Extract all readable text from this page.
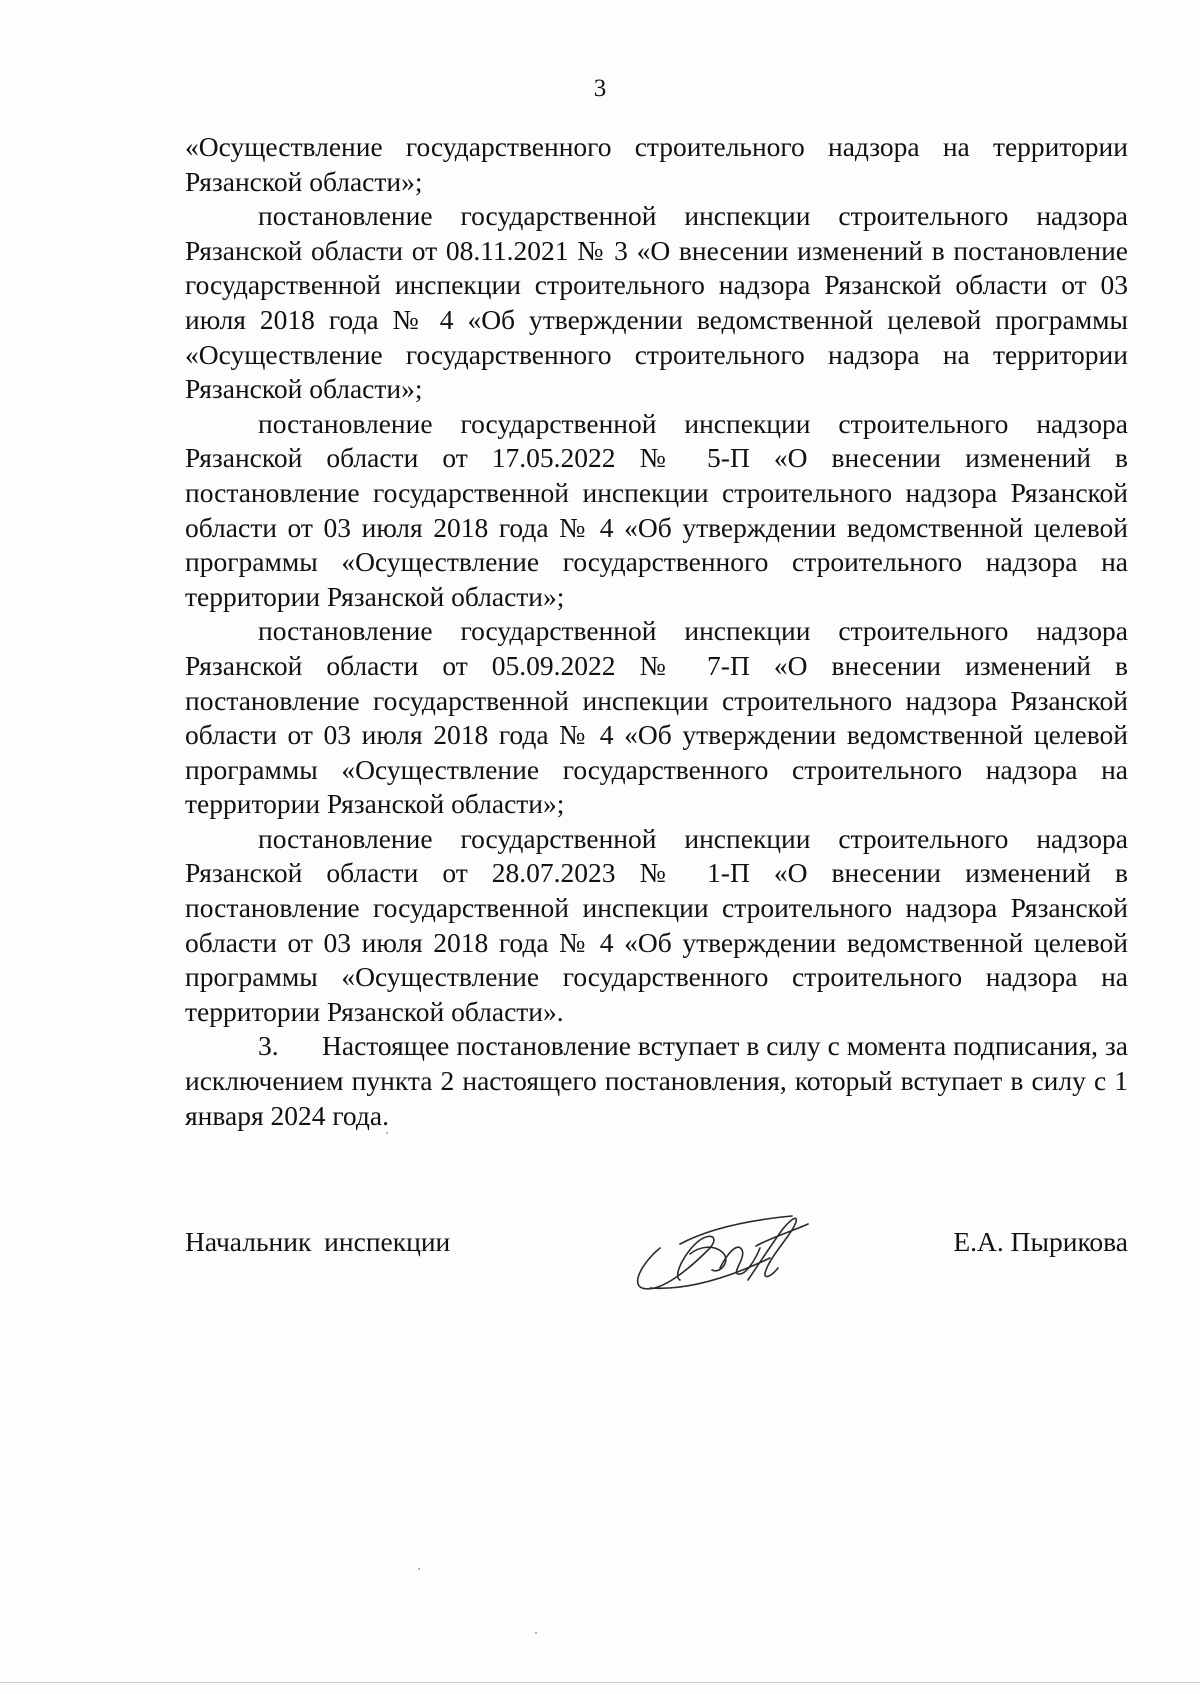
3

«Осуществление государственного строительного надзора на территории Рязанской области»;

постановление государственной инспекции строительного надзора Рязанской области от 08.11.2021 № 3 «О внесении изменений в постановление государственной инспекции строительного надзора Рязанской области от 03 июля 2018 года № 4 «Об утверждении ведомственной целевой программы «Осуществление государственного строительного надзора на территории Рязанской области»;

постановление государственной инспекции строительного надзора Рязанской области от 17.05.2022 № 5-П «О внесении изменений в постановление государственной инспекции строительного надзора Рязанской области от 03 июля 2018 года № 4 «Об утверждении ведомственной целевой программы «Осуществление государственного строительного надзора на территории Рязанской области»;

постановление государственной инспекции строительного надзора Рязанской области от 05.09.2022 № 7-П «О внесении изменений в постановление государственной инспекции строительного надзора Рязанской области от 03 июля 2018 года № 4 «Об утверждении ведомственной целевой программы «Осуществление государственного строительного надзора на территории Рязанской области»;

постановление государственной инспекции строительного надзора Рязанской области от 28.07.2023 № 1-П «О внесении изменений в постановление государственной инспекции строительного надзора Рязанской области от 03 июля 2018 года № 4 «Об утверждении ведомственной целевой программы «Осуществление государственного строительного надзора на территории Рязанской области».

3. Настоящее постановление вступает в силу с момента подписания, за исключением пункта 2 настоящего постановления, который вступает в силу с 1 января 2024 года.

Начальник инспекции	Е.А. Пырикова
